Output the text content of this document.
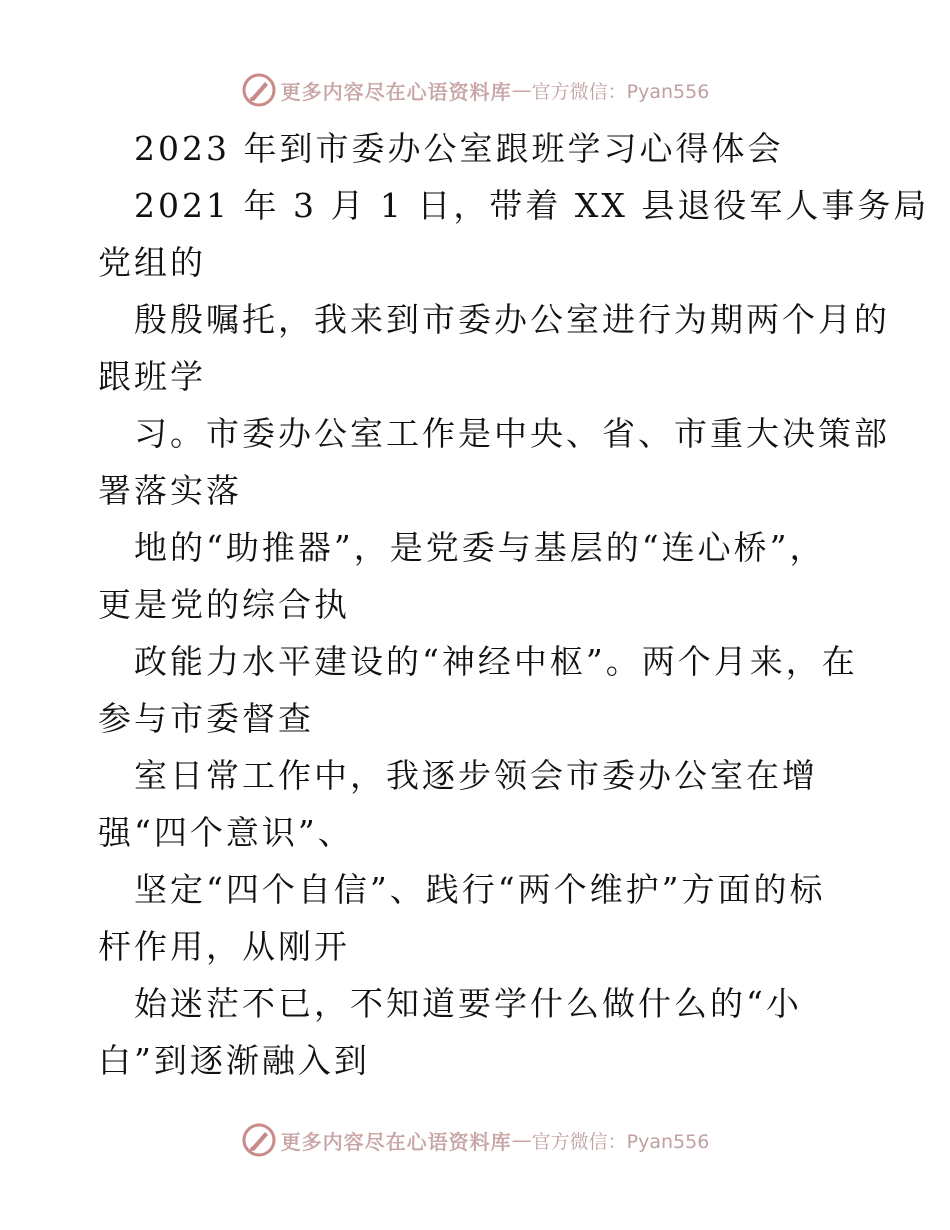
更多内容尽在心语资料库 — 官方微信：Pyan556
2023 年到市委办公室跟班学习心得体会
2021 年 3 月 1 日，带着 XX 县退役军人事务局
党组的
殷殷嘱托，我来到市委办公室进行为期两个月的
跟班学
习。市委办公室工作是中央、省、市重大决策部
署落实落
地的“助推器”，是党委与基层的“连心桥”，
更是党的综合执
政能力水平建设的“神经中枢”。两个月来，在
参与市委督查
室日常工作中，我逐步领会市委办公室在增
强“四个意识”、
坚定“四个自信”、践行“两个维护”方面的标
杆作用，从刚开
始迷茫不已，不知道要学什么做什么的“小
白”到逐渐融入到
更多内容尽在心语资料库 — 官方微信：Pyan556
